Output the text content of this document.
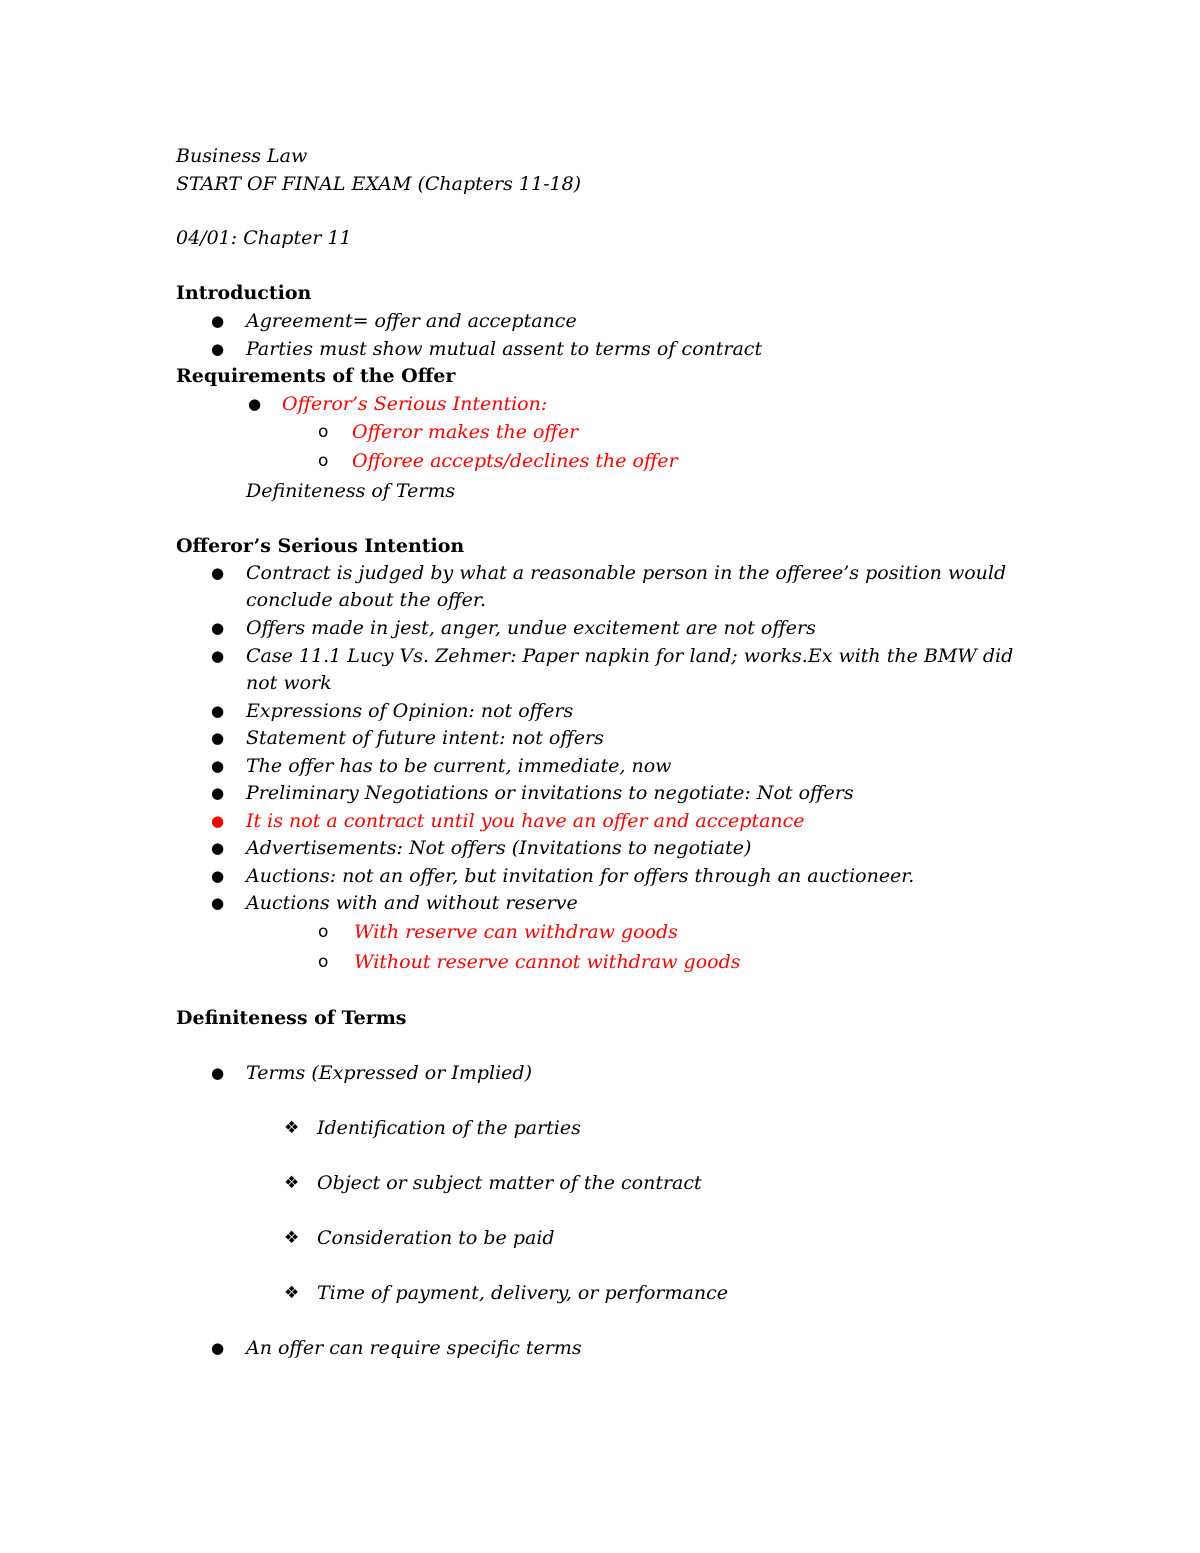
Business Law
START OF FINAL EXAM (Chapters 11-18)
04/01: Chapter 11
Introduction
● Agreement= offer and acceptance
● Parties must show mutual assent to terms of contract
Requirements of the Offer
● Offeror’s Serious Intention:
o Offeror makes the offer
o Offoree accepts/declines the offer
Definiteness of Terms
Offeror’s Serious Intention
● Contract is judged by what a reasonable person in the offeree’s position would
conclude about the offer.
● Offers made in jest, anger, undue excitement are not offers
● Case 11.1 Lucy Vs. Zehmer: Paper napkin for land; works.Ex with the BMW did
not work
● Expressions of Opinion: not offers
● Statement of future intent: not offers
● The offer has to be current, immediate, now
● Preliminary Negotiations or invitations to negotiate: Not offers
● It is not a contract until you have an offer and acceptance
● Advertisements: Not offers (Invitations to negotiate)
● Auctions: not an offer, but invitation for offers through an auctioneer.
● Auctions with and without reserve
o With reserve can withdraw goods
o Without reserve cannot withdraw goods
Definiteness of Terms
● Terms (Expressed or Implied)
❖ Identification of the parties
❖ Object or subject matter of the contract
❖ Consideration to be paid
❖ Time of payment, delivery, or performance
● An offer can require specific terms
